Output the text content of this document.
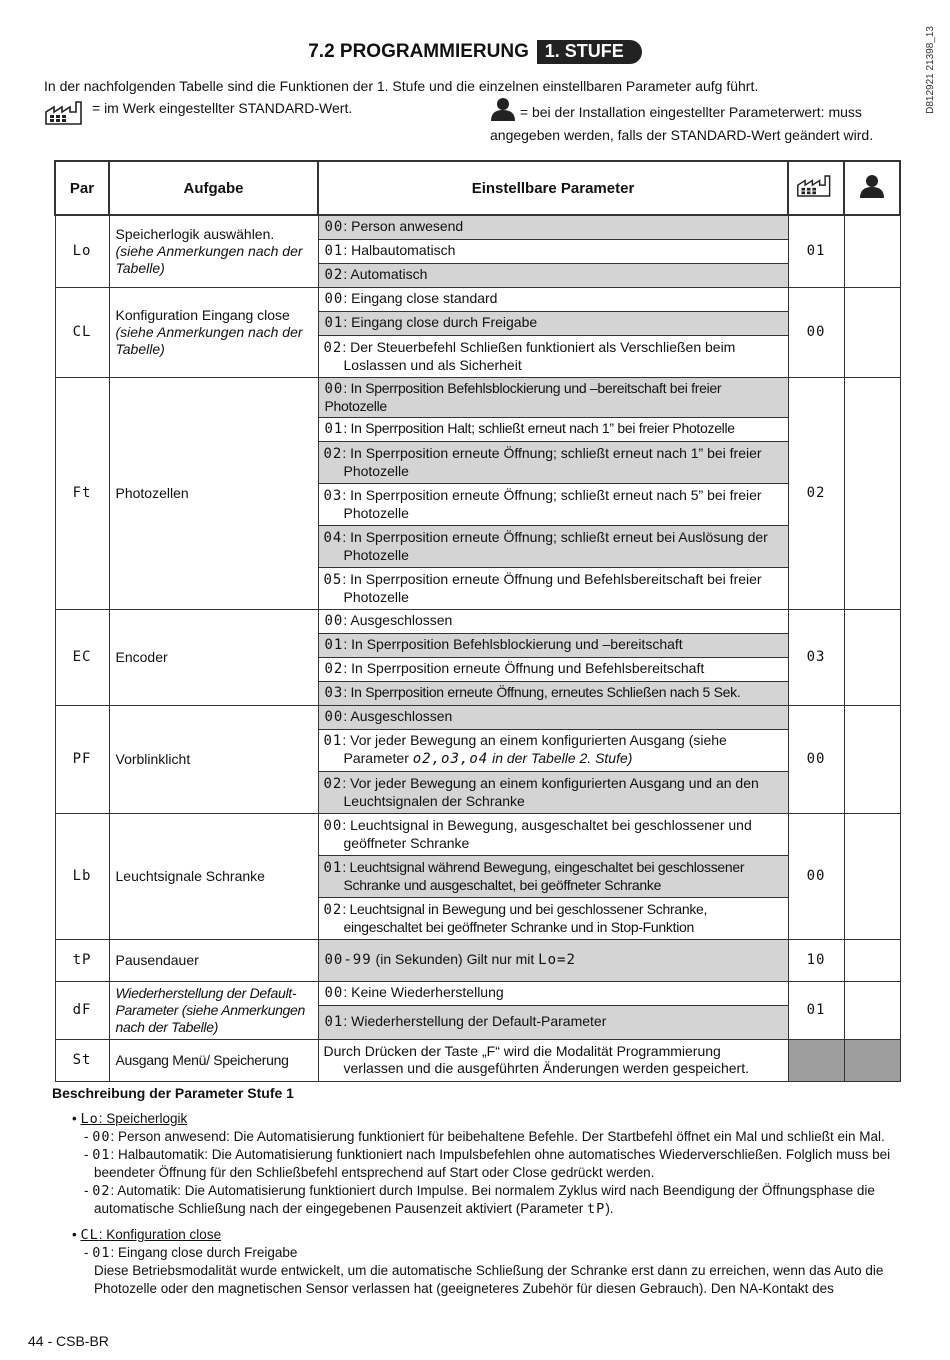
D812921 21398_13
7.2 PROGRAMMIERUNG 1. STUFE
In der nachfolgenden Tabelle sind die Funktionen der 1. Stufe und die einzelnen einstellbaren Parameter aufg führt.
= im Werk eingestellter STANDARD-Wert.	= bei der Installation eingestellter Parameterwert: muss angegeben werden, falls der STANDARD-Wert geändert wird.
Par	Aufgabe	Einstellbare Parameter		
Lo	Speicherlogik auswählen.
(siehe Anmerkungen nach der Tabelle)	00: Person anwesend	01	
		01: Halbautomatisch		
		02: Automatisch		
CL	Konfiguration Eingang close
(siehe Anmerkungen nach der Tabelle)	00: Eingang close standard	00	
		01: Eingang close durch Freigabe		
		02: Der Steuerbefehl Schließen funktioniert als Verschließen beim Loslassen und als Sicherheit		
Ft	Photozellen	00: In Sperrposition Befehlsblockierung und –bereitschaft bei freier Photozelle	02	
		01: In Sperrposition Halt; schließt erneut nach 1” bei freier Photozelle		
		02: In Sperrposition erneute Öffnung; schließt erneut nach 1” bei freier Photozelle		
		03: In Sperrposition erneute Öffnung; schließt erneut nach 5” bei freier Photozelle		
		04: In Sperrposition erneute Öffnung; schließt erneut bei Auslösung der Photozelle		
		05: In Sperrposition erneute Öffnung und Befehlsbereitschaft bei freier Photozelle		
EC	Encoder	00: Ausgeschlossen	03	
		01: In Sperrposition Befehlsblockierung und –bereitschaft		
		02: In Sperrposition erneute Öffnung und Befehlsbereitschaft		
		03: In Sperrposition erneute Öffnung, erneutes Schließen nach 5 Sek.		
PF	Vorblinklicht	00: Ausgeschlossen	00	
		01: Vor jeder Bewegung an einem konfigurierten Ausgang (siehe Parameter o2,o3,o4 in der Tabelle 2. Stufe)		
		02: Vor jeder Bewegung an einem konfigurierten Ausgang und an den Leuchtsignalen der Schranke		
Lb	Leuchtsignale Schranke	00: Leuchtsignal in Bewegung, ausgeschaltet bei geschlossener und geöffneter Schranke	00	
		01: Leuchtsignal während Bewegung, eingeschaltet bei geschlossener Schranke und ausgeschaltet, bei geöffneter Schranke		
		02: Leuchtsignal in Bewegung und bei geschlossener Schranke, eingeschaltet bei geöffneter Schranke und in Stop-Funktion		
tP	Pausendauer	00-99 (in Sekunden) Gilt nur mit Lo=2	10	
dF	Wiederherstellung der Default-Parameter (siehe Anmerkungen nach der Tabelle)	00: Keine Wiederherstellung	01	
		01: Wiederherstellung der Default-Parameter		
St	Ausgang Menü/ Speicherung	Durch Drücken der Taste „F“ wird die Modalität Programmierung verlassen und die ausgeführten Änderungen werden gespeichert.		
Beschreibung der Parameter Stufe 1
• Lo: Speicherlogik
- 00: Person anwesend: Die Automatisierung funktioniert für beibehaltene Befehle. Der Startbefehl öffnet ein Mal und schließt ein Mal.
- 01: Halbautomatik: Die Automatisierung funktioniert nach Impulsbefehlen ohne automatisches Wiederverschließen. Folglich muss bei beendeter Öffnung für den Schließbefehl entsprechend auf Start oder Close gedrückt werden.
- 02: Automatik: Die Automatisierung funktioniert durch Impulse. Bei normalem Zyklus wird nach Beendigung der Öffnungsphase die automatische Schließung nach der eingegebenen Pausenzeit aktiviert (Parameter tP).
• CL: Konfiguration close
- 01: Eingang close durch Freigabe
Diese Betriebsmodalität wurde entwickelt, um die automatische Schließung der Schranke erst dann zu erreichen, wenn das Auto die Photozelle oder den magnetischen Sensor verlassen hat (geeigneteres Zubehör für diesen Gebrauch). Den NA-Kontakt des
44 - CSB-BR
